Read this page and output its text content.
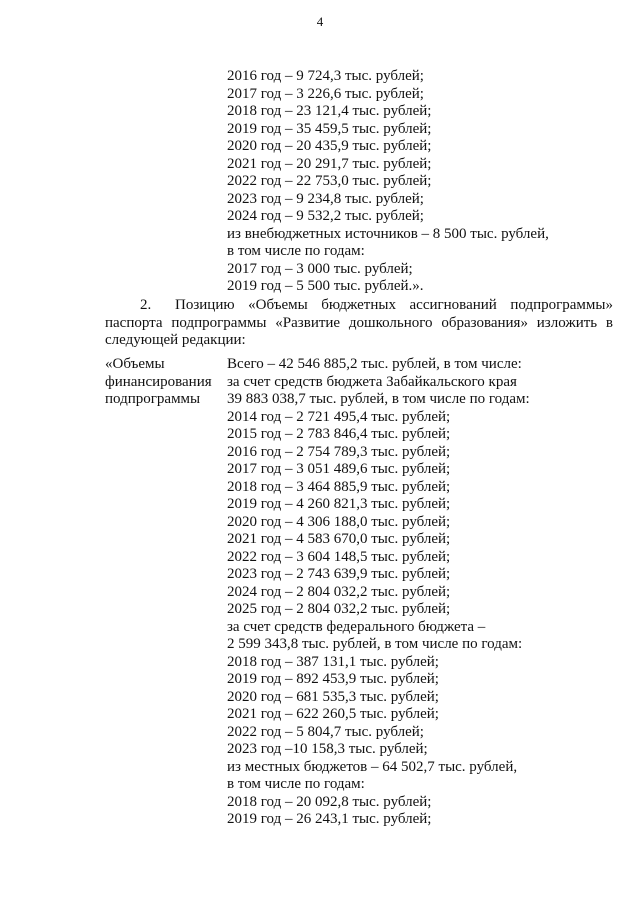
4
2016 год – 9 724,3 тыс. рублей;
2017 год – 3 226,6 тыс. рублей;
2018 год – 23 121,4 тыс. рублей;
2019 год – 35 459,5 тыс. рублей;
2020 год – 20 435,9 тыс. рублей;
2021 год – 20 291,7 тыс. рублей;
2022 год – 22 753,0 тыс. рублей;
2023 год – 9 234,8 тыс. рублей;
2024 год – 9 532,2 тыс. рублей;
из внебюджетных источников – 8 500 тыс. рублей,
в том числе по годам:
2017 год – 3 000 тыс. рублей;
2019 год – 5 500 тыс. рублей.».
2. Позицию «Объемы бюджетных ассигнований подпрограммы» паспорта подпрограммы «Развитие дошкольного образования» изложить в следующей редакции:
«Объемы
финансирования
подпрограммы
Всего – 42 546 885,2 тыс. рублей, в том числе:
за счет средств бюджета Забайкальского края
39 883 038,7 тыс. рублей, в том числе по годам:
2014 год – 2 721 495,4 тыс. рублей;
2015 год – 2 783 846,4 тыс. рублей;
2016 год – 2 754 789,3 тыс. рублей;
2017 год – 3 051 489,6 тыс. рублей;
2018 год – 3 464 885,9 тыс. рублей;
2019 год – 4 260 821,3 тыс. рублей;
2020 год – 4 306 188,0 тыс. рублей;
2021 год – 4 583 670,0 тыс. рублей;
2022 год – 3 604 148,5 тыс. рублей;
2023 год – 2 743 639,9 тыс. рублей;
2024 год – 2 804 032,2 тыс. рублей;
2025 год – 2 804 032,2 тыс. рублей;
за счет средств федерального бюджета –
2 599 343,8 тыс. рублей, в том числе по годам:
2018 год – 387 131,1 тыс. рублей;
2019 год – 892 453,9 тыс. рублей;
2020 год – 681 535,3 тыс. рублей;
2021 год – 622 260,5 тыс. рублей;
2022 год – 5 804,7 тыс. рублей;
2023 год –10 158,3 тыс. рублей;
из местных бюджетов – 64 502,7 тыс. рублей,
в том числе по годам:
2018 год – 20 092,8 тыс. рублей;
2019 год – 26 243,1 тыс. рублей;
